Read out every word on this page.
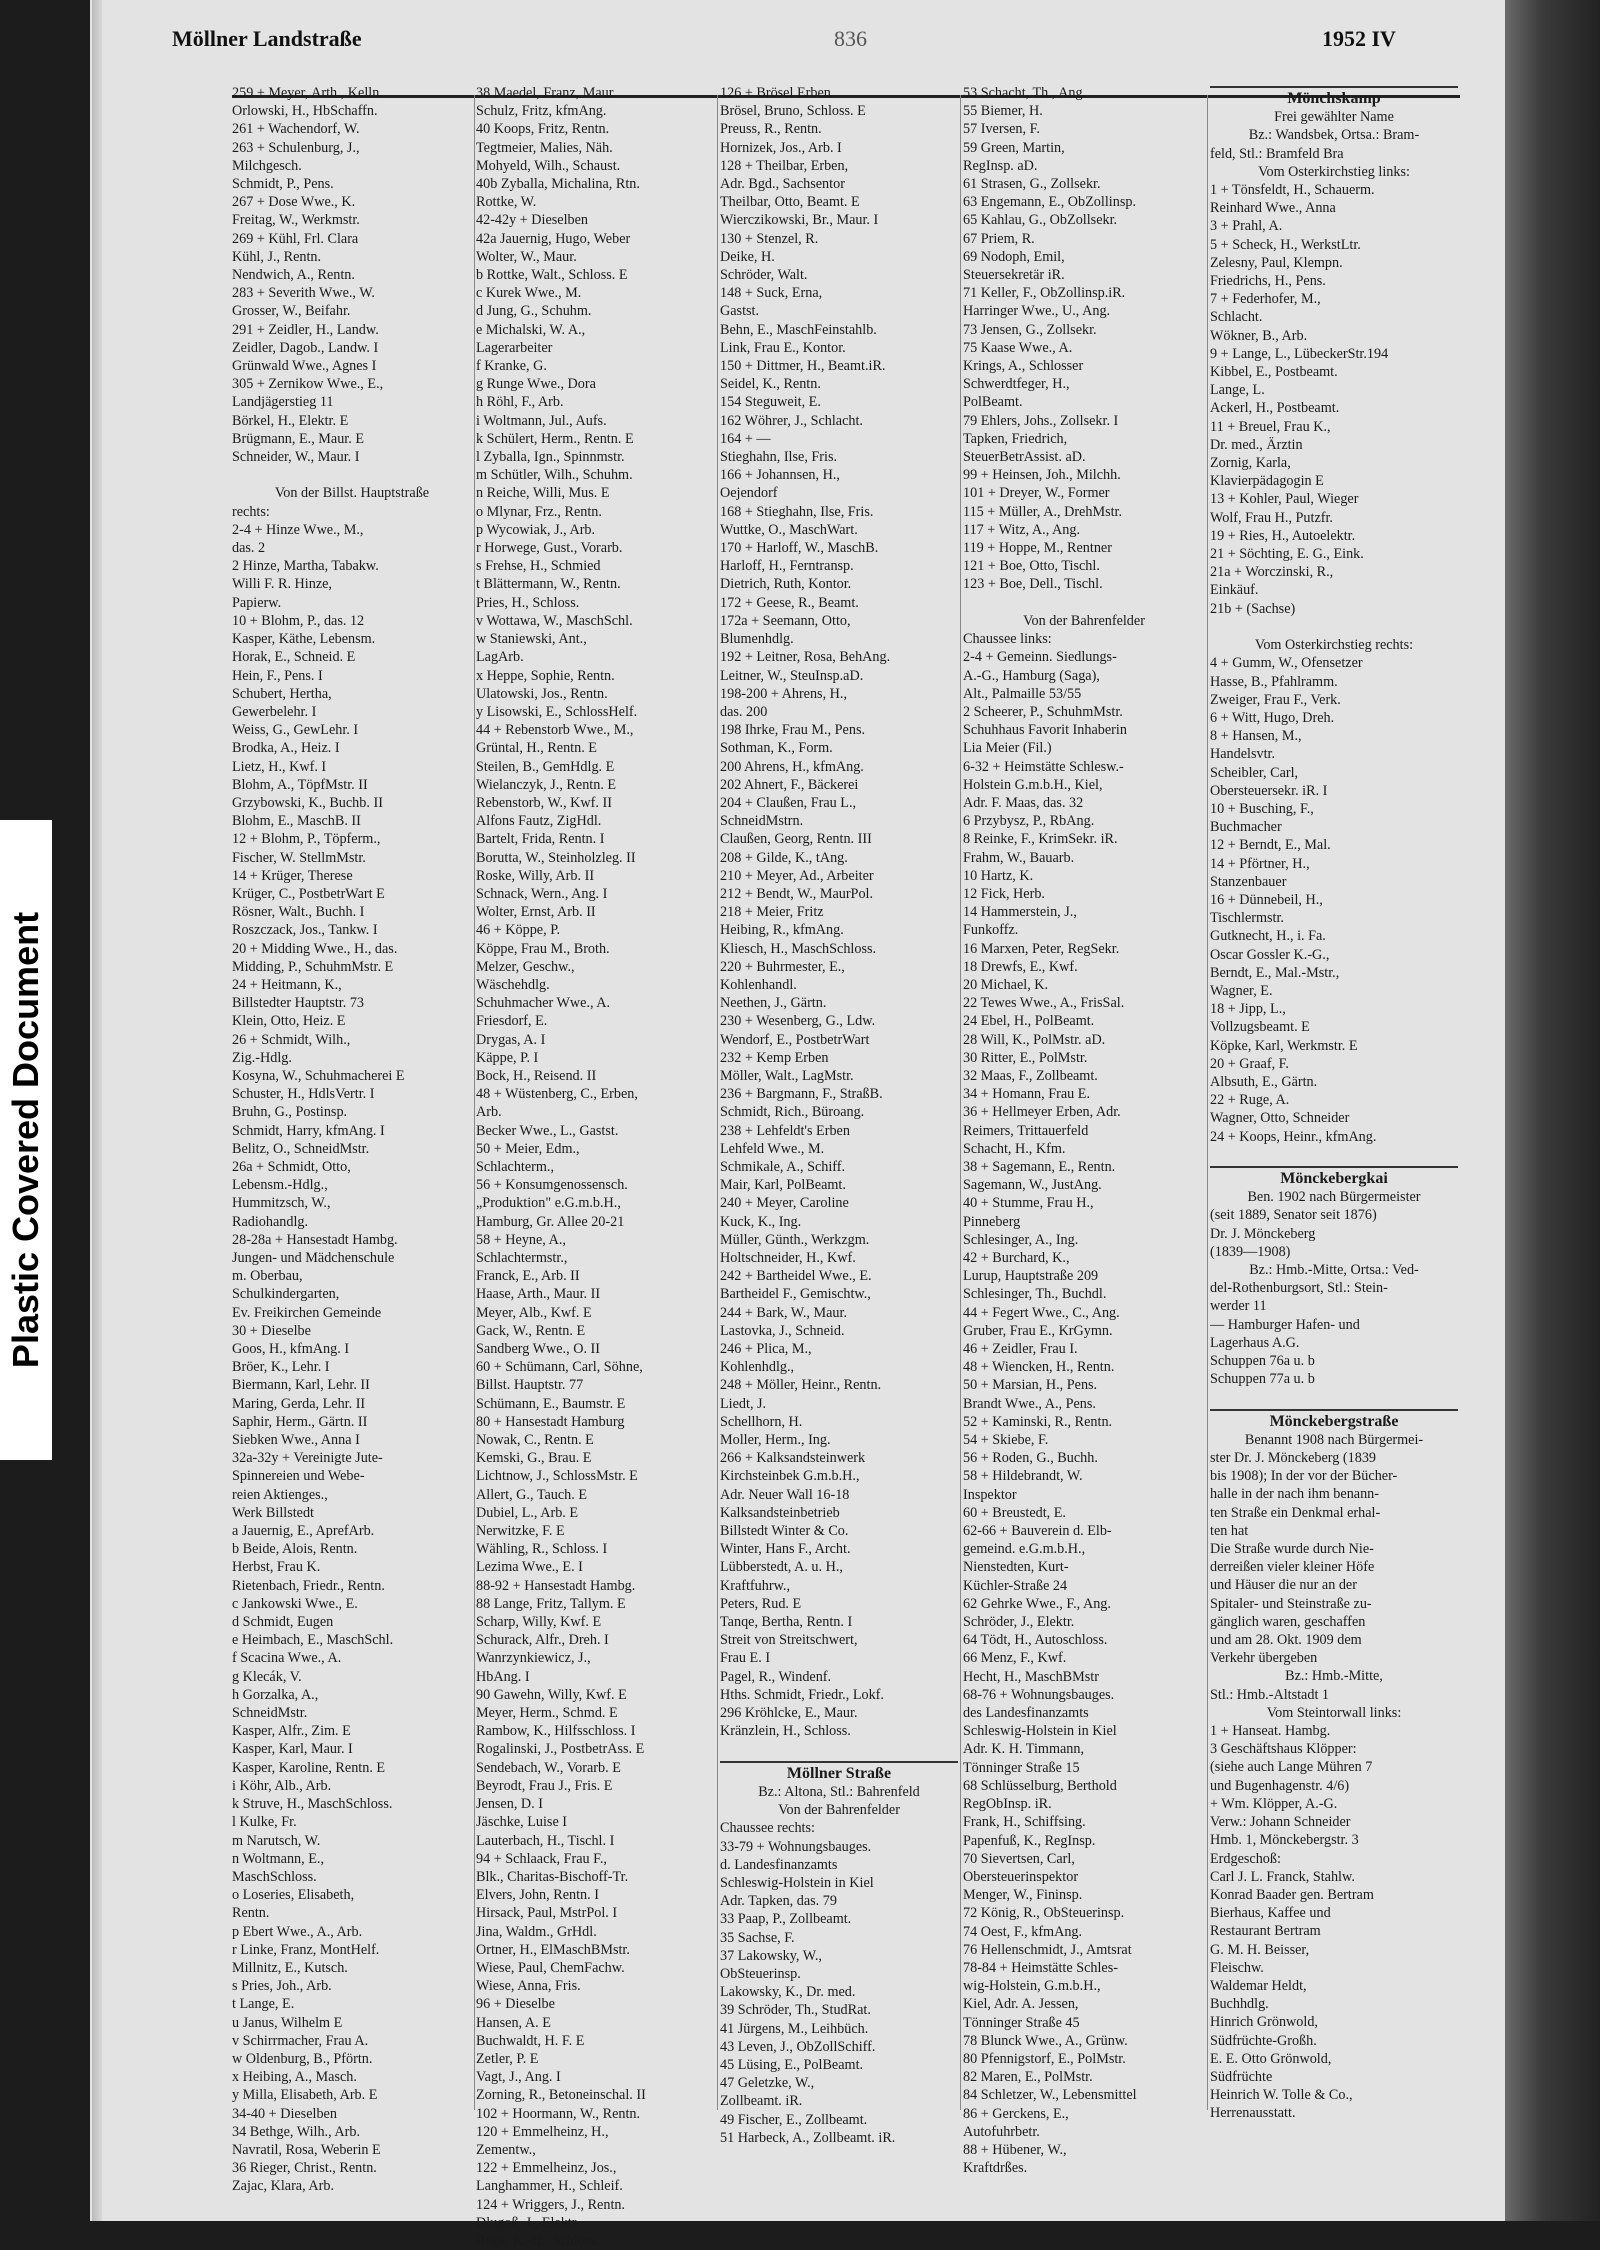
Plastic Covered Document
Möllner Landstraße	836	1952 IV
259 + Meyer, Arth., Kelln.
Orlowski, H., HbSchaffn.
261 + Wachendorf, W.
263 + Schulenburg, J.,
Milchgesch.
Schmidt, P., Pens.
267 + Dose Wwe., K.
Freitag, W., Werkmstr.
269 + Kühl, Frl. Clara
Kühl, J., Rentn.
Nendwich, A., Rentn.
283 + Severith Wwe., W.
Grosser, W., Beifahr.
291 + Zeidler, H., Landw.
Zeidler, Dagob., Landw. I
Grünwald Wwe., Agnes I
305 + Zernikow Wwe., E.,
Landjägerstieg 11
Börkel, H., Elektr. E
Brügmann, E., Maur. E
Schneider, W., Maur. I

Von der Billst. Hauptstraße
rechts:
2-4 + Hinze Wwe., M.,
das. 2
2 Hinze, Martha, Tabakw.
Willi F. R. Hinze,
Papierw.
10 + Blohm, P., das. 12
Kasper, Käthe, Lebensm.
Horak, E., Schneid. E
Hein, F., Pens. I
Schubert, Hertha,
Gewerbelehr. I
Weiss, G., GewLehr. I
Brodka, A., Heiz. I
Lietz, H., Kwf. I
Blohm, A., TöpfMstr. II
Grzybowski, K., Buchb. II
Blohm, E., MaschB. II
12 + Blohm, P., Töpferm.,
Fischer, W. StellmMstr.
14 + Krüger, Therese
Krüger, C., PostbetrWart E
Rösner, Walt., Buchh. I
Roszczack, Jos., Tankw. I
20 + Midding Wwe., H., das.
Midding, P., SchuhmMstr. E
24 + Heitmann, K.,
Billstedter Hauptstr. 73
Klein, Otto, Heiz. E
26 + Schmidt, Wilh.,
Zig.-Hdlg.
Kosyna, W., Schuhmacherei E
Schuster, H., HdlsVertr. I
Bruhn, G., Postinsp.
Schmidt, Harry, kfmAng. I
Belitz, O., SchneidMstr.
26a + Schmidt, Otto,
Lebensm.-Hdlg.,
Hummitzsch, W.,
Radiohandlg.
28-28a + Hansestadt Hambg.
Jungen- und Mädchenschule
m. Oberbau,
Schulkindergarten,
Ev. Freikirchen Gemeinde
30 + Dieselbe
Goos, H., kfmAng. I
Bröer, K., Lehr. I
Biermann, Karl, Lehr. II
Maring, Gerda, Lehr. II
Saphir, Herm., Gärtn. II
Siebken Wwe., Anna I
32a-32y + Vereinigte Jute-
Spinnereien und Webe-
reien Aktienges.,
Werk Billstedt
a Jauernig, E., AprefArb.
b Beide, Alois, Rentn.
Herbst, Frau K.
Rietenbach, Friedr., Rentn.
c Jankowski Wwe., E.
d Schmidt, Eugen
e Heimbach, E., MaschSchl.
f Scacina Wwe., A.
g Klecák, V.
h Gorzalka, A.,
SchneidMstr.
Kasper, Alfr., Zim. E
Kasper, Karl, Maur. I
Kasper, Karoline, Rentn. E
i Köhr, Alb., Arb.
k Struve, H., MaschSchloss.
l Kulke, Fr.
m Narutsch, W.
n Woltmann, E.,
MaschSchloss.
o Loseries, Elisabeth,
Rentn.
p Ebert Wwe., A., Arb.
r Linke, Franz, MontHelf.
Millnitz, E., Kutsch.
s Pries, Joh., Arb.
t Lange, E.
u Janus, Wilhelm E
v Schirrmacher, Frau A.
w Oldenburg, B., Pförtn.
x Heibing, A., Masch.
y Milla, Elisabeth, Arb. E
34-40 + Dieselben
34 Bethge, Wilh., Arb.
Navratil, Rosa, Weberin E
36 Rieger, Christ., Rentn.
Zajac, Klara, Arb.
38 Maedel, Franz, Maur.
Schulz, Fritz, kfmAng.
40 Koops, Fritz, Rentn.
Tegtmeier, Malies, Näh.
Mohyeld, Wilh., Schaust.
40b Zyballa, Michalina, Rtn.
Rottke, W.
42-42y + Dieselben
42a Jauernig, Hugo, Weber
Wolter, W., Maur.
b Rottke, Walt., Schloss. E
c Kurek Wwe., M.
d Jung, G., Schuhm.
e Michalski, W. A.,
Lagerarbeiter
f Kranke, G.
g Runge Wwe., Dora
h Röhl, F., Arb.
i Woltmann, Jul., Aufs.
k Schülert, Herm., Rentn. E
l Zyballa, Ign., Spinnmstr.
m Schütler, Wilh., Schuhm.
n Reiche, Willi, Mus. E
o Mlynar, Frz., Rentn.
p Wycowiak, J., Arb.
r Horwege, Gust., Vorarb.
s Frehse, H., Schmied
t Blättermann, W., Rentn.
Pries, H., Schloss.
v Wottawa, W., MaschSchl.
w Staniewski, Ant.,
LagArb.
x Heppe, Sophie, Rentn.
Ulatowski, Jos., Rentn.
y Lisowski, E., SchlossHelf.
44 + Rebenstorb Wwe., M.,
Grüntal, H., Rentn. E
Steilen, B., GemHdlg. E
Wielanczyk, J., Rentn. E
Rebenstorb, W., Kwf. II
Alfons Fautz, ZigHdl.
Bartelt, Frida, Rentn. I
Borutta, W., Steinholzleg. II
Roske, Willy, Arb. II
Schnack, Wern., Ang. I
Wolter, Ernst, Arb. II
46 + Köppe, P.
Köppe, Frau M., Broth.
Melzer, Geschw.,
Wäschehdlg.
Schuhmacher Wwe., A.
Friesdorf, E.
Drygas, A. I
Käppe, P. I
Bock, H., Reisend. II
48 + Wüstenberg, C., Erben,
Arb.
Becker Wwe., L., Gastst.
50 + Meier, Edm.,
Schlachterm.,
56 + Konsumgenossensch.
„Produktion" e.G.m.b.H.,
Hamburg, Gr. Allee 20-21
58 + Heyne, A.,
Schlachtermstr.,
Franck, E., Arb. II
Haase, Arth., Maur. II
Meyer, Alb., Kwf. E
Gack, W., Rentn. E
Sandberg Wwe., O. II
60 + Schümann, Carl, Söhne,
Billst. Hauptstr. 77
Schümann, E., Baumstr. E
80 + Hansestadt Hamburg
Nowak, C., Rentn. E
Kemski, G., Brau. E
Lichtnow, J., SchlossMstr. E
Allert, G., Tauch. E
Dubiel, L., Arb. E
Nerwitzke, F. E
Wähling, R., Schloss. I
Lezima Wwe., E. I
88-92 + Hansestadt Hambg.
88 Lange, Fritz, Tallym. E
Scharp, Willy, Kwf. E
Schurack, Alfr., Dreh. I
Wanrzynkiewicz, J.,
HbAng. I
90 Gawehn, Willy, Kwf. E
Meyer, Herm., Schmd. E
Rambow, K., Hilfsschloss. I
Rogalinski, J., PostbetrAss. E
Sendebach, W., Vorarb. E
Beyrodt, Frau J., Fris. E
Jensen, D. I
Jäschke, Luise I
Lauterbach, H., Tischl. I
94 + Schlaack, Frau F.,
Blk., Charitas-Bischoff-Tr.
Elvers, John, Rentn. I
Hirsack, Paul, MstrPol. I
Jina, Waldm., GrHdl.
Ortner, H., ElMaschBMstr.
Wiese, Paul, ChemFachw.
Wiese, Anna, Fris.
96 + Dieselbe
Hansen, A. E
Buchwaldt, H. F. E
Zetler, P. E
Vagt, J., Ang. I
Zorning, R., Betoneinschal. II
102 + Hoormann, W., Rentn.
120 + Emmelheinz, H.,
Zementw.,
122 + Emmelheinz, Jos.,
Langhammer, H., Schleif.
124 + Wriggers, J., Rentn.
Dlugoß, J., Elektr.
Ruge, K.-H., Schloss.
126 + Brösel Erben
Brösel, Bruno, Schloss. E
Preuss, R., Rentn.
Hornizek, Jos., Arb. I
128 + Theilbar, Erben,
Adr. Bgd., Sachsentor
Theilbar, Otto, Beamt. E
Wierczikowski, Br., Maur. I
130 + Stenzel, R.
Deike, H.
Schröder, Walt.
148 + Suck, Erna,
Gastst.
Behn, E., MaschFeinstahlb.
Link, Frau E., Kontor.
150 + Dittmer, H., Beamt.iR.
Seidel, K., Rentn.
154 Steguweit, E.
162 Wöhrer, J., Schlacht.
164 + —
Stieghahn, Ilse, Fris.
166 + Johannsen, H.,
Oejendorf
168 + Stieghahn, Ilse, Fris.
Wuttke, O., MaschWart.
170 + Harloff, W., MaschB.
Harloff, H., Ferntransp.
Dietrich, Ruth, Kontor.
172 + Geese, R., Beamt.
172a + Seemann, Otto,
Blumenhdlg.
192 + Leitner, Rosa, BehAng.
Leitner, W., SteuInsp.aD.
198-200 + Ahrens, H.,
das. 200
198 Ihrke, Frau M., Pens.
Sothman, K., Form.
200 Ahrens, H., kfmAng.
202 Ahnert, F., Bäckerei
204 + Claußen, Frau L.,
SchneidMstrn.
Claußen, Georg, Rentn. III
208 + Gilde, K., tAng.
210 + Meyer, Ad., Arbeiter
212 + Bendt, W., MaurPol.
218 + Meier, Fritz
Heibing, R., kfmAng.
Kliesch, H., MaschSchloss.
220 + Buhrmester, E.,
Kohlenhandl.
Neethen, J., Gärtn.
230 + Wesenberg, G., Ldw.
Wendorf, E., PostbetrWart
232 + Kemp Erben
Möller, Walt., LagMstr.
236 + Bargmann, F., StraßB.
Schmidt, Rich., Büroang.
238 + Lehfeldt's Erben
Lehfeld Wwe., M.
Schmikale, A., Schiff.
Mair, Karl, PolBeamt.
240 + Meyer, Caroline
Kuck, K., Ing.
Müller, Günth., Werkzgm.
Holtschneider, H., Kwf.
242 + Bartheidel Wwe., E.
Bartheidel F., Gemischtw.,
244 + Bark, W., Maur.
Lastovka, J., Schneid.
246 + Plica, M.,
Kohlenhdlg.,
248 + Möller, Heinr., Rentn.
Liedt, J.
Schellhorn, H.
Moller, Herm., Ing.
266 + Kalksandsteinwerk
Kirchsteinbek G.m.b.H.,
Adr. Neuer Wall 16-18
Kalksandsteinbetrieb
Billstedt Winter & Co.
Winter, Hans F., Archt.
Lübberstedt, A. u. H.,
Kraftfuhrw.,
Peters, Rud. E
Tanqe, Bertha, Rentn. I
Streit von Streitschwert,
Frau E. I
Pagel, R., Windenf.
Hths. Schmidt, Friedr., Lokf.
296 Kröhlcke, E., Maur.
Kränzlein, H., Schloss.

Möllner Straße
Bz.: Altona, Stl.: Bahrenfeld
Von der Bahrenfelder
Chaussee rechts:
33-79 + Wohnungsbauges.
d. Landesfinanzamts
Schleswig-Holstein in Kiel
Adr. Tapken, das. 79
33 Paap, P., Zollbeamt.
35 Sachse, F.
37 Lakowsky, W.,
ObSteuerinsp.
Lakowsky, K., Dr. med.
39 Schröder, Th., StudRat.
41 Jürgens, M., Leihbüch.
43 Leven, J., ObZollSchiff.
45 Lüsing, E., PolBeamt.
47 Geletzke, W.,
Zollbeamt. iR.
49 Fischer, E., Zollbeamt.
51 Harbeck, A., Zollbeamt. iR.
53 Schacht, Th., Ang.
55 Biemer, H.
57 Iversen, F.
59 Green, Martin,
RegInsp. aD.
61 Strasen, G., Zollsekr.
63 Engemann, E., ObZollinsp.
65 Kahlau, G., ObZollsekr.
67 Priem, R.
69 Nodoph, Emil,
Steuersekretär iR.
71 Keller, F., ObZollinsp.iR.
Harringer Wwe., U., Ang.
73 Jensen, G., Zollsekr.
75 Kaase Wwe., A.
Krings, A., Schlosser
Schwerdtfeger, H.,
PolBeamt.
79 Ehlers, Johs., Zollsekr. I
Tapken, Friedrich,
SteuerBetrAssist. aD.
99 + Heinsen, Joh., Milchh.
101 + Dreyer, W., Former
115 + Müller, A., DrehMstr.
117 + Witz, A., Ang.
119 + Hoppe, M., Rentner
121 + Boe, Otto, Tischl.
123 + Boe, Dell., Tischl.

Von der Bahrenfelder
Chaussee links:
2-4 + Gemeinn. Siedlungs-
A.-G., Hamburg (Saga),
Alt., Palmaille 53/55
2 Scheerer, P., SchuhmMstr.
Schuhhaus Favorit Inhaberin
Lia Meier (Fil.)
6-32 + Heimstätte Schlesw.-
Holstein G.m.b.H., Kiel,
Adr. F. Maas, das. 32
6 Przybysz, P., RbAng.
8 Reinke, F., KrimSekr. iR.
Frahm, W., Bauarb.
10 Hartz, K.
12 Fick, Herb.
14 Hammerstein, J.,
Funkoffz.
16 Marxen, Peter, RegSekr.
18 Drewfs, E., Kwf.
20 Michael, K.
22 Tewes Wwe., A., FrisSal.
24 Ebel, H., PolBeamt.
28 Will, K., PolMstr. aD.
30 Ritter, E., PolMstr.
32 Maas, F., Zollbeamt.
34 + Homann, Frau E.
36 + Hellmeyer Erben, Adr.
Reimers, Trittauerfeld
Schacht, H., Kfm.
38 + Sagemann, E., Rentn.
Sagemann, W., JustAng.
40 + Stumme, Frau H.,
Pinneberg
Schlesinger, A., Ing.
42 + Burchard, K.,
Lurup, Hauptstraße 209
Schlesinger, Th., Buchdl.
44 + Fegert Wwe., C., Ang.
Gruber, Frau E., KrGymn.
46 + Zeidler, Frau I.
48 + Wiencken, H., Rentn.
50 + Marsian, H., Pens.
Brandt Wwe., A., Pens.
52 + Kaminski, R., Rentn.
54 + Skiebe, F.
56 + Roden, G., Buchh.
58 + Hildebrandt, W.
Inspektor
60 + Breustedt, E.
62-66 + Bauverein d. Elb-
gemeind. e.G.m.b.H.,
Nienstedten, Kurt-
Küchler-Straße 24
62 Gehrke Wwe., F., Ang.
Schröder, J., Elektr.
64 Tödt, H., Autoschloss.
66 Menz, F., Kwf.
Hecht, H., MaschBMstr
68-76 + Wohnungsbauges.
des Landesfinanzamts
Schleswig-Holstein in Kiel
Adr. K. H. Timmann,
Tönninger Straße 15
68 Schlüsselburg, Berthold
RegObInsp. iR.
Frank, H., Schiffsing.
Papenfuß, K., RegInsp.
70 Sievertsen, Carl,
Obersteuerinspektor
Menger, W., Fininsp.
72 König, R., ObSteuerinsp.
74 Oest, F., kfmAng.
76 Hellenschmidt, J., Amtsrat
78-84 + Heimstätte Schles-
wig-Holstein, G.m.b.H.,
Kiel, Adr. A. Jessen,
Tönninger Straße 45
78 Blunck Wwe., A., Grünw.
80 Pfennigstorf, E., PolMstr.
82 Maren, E., PolMstr.
84 Schletzer, W., Lebensmittel
86 + Gerckens, E.,
Autofuhrbetr.
88 + Hübener, W.,
Kraftdrßes.
Mönchskamp
Frei gewählter Name
Bz.: Wandsbek, Ortsa.: Bram-
feld, Stl.: Bramfeld Bra
Vom Osterkirchstieg links:
1 + Tönsfeldt, H., Schauerm.
Reinhard Wwe., Anna
3 + Prahl, A.
5 + Scheck, H., WerkstLtr.
Zelesny, Paul, Klempn.
Friedrichs, H., Pens.
7 + Federhofer, M.,
Schlacht.
Wökner, B., Arb.
9 + Lange, L., LübeckerStr.194
Kibbel, E., Postbeamt.
Lange, L.
Ackerl, H., Postbeamt.
11 + Breuel, Frau K.,
Dr. med., Ärztin
Zornig, Karla,
Klavierpädagogin E
13 + Kohler, Paul, Wieger
Wolf, Frau H., Putzfr.
19 + Ries, H., Autoelektr.
21 + Söchting, E. G., Eink.
21a + Worczinski, R.,
Einkäuf.
21b + (Sachse)

Vom Osterkirchstieg rechts:
4 + Gumm, W., Ofensetzer
Hasse, B., Pfahlramm.
Zweiger, Frau F., Verk.
6 + Witt, Hugo, Dreh.
8 + Hansen, M.,
Handelsvtr.
Scheibler, Carl,
Obersteuersekr. iR. I
10 + Busching, F.,
Buchmacher
12 + Berndt, E., Mal.
14 + Pförtner, H.,
Stanzenbauer
16 + Dünnebeil, H.,
Tischlermstr.
Gutknecht, H., i. Fa.
Oscar Gossler K.-G.,
Berndt, E., Mal.-Mstr.,
Wagner, E.
18 + Jipp, L.,
Vollzugsbeamt. E
Köpke, Karl, Werkmstr. E
20 + Graaf, F.
Albsuth, E., Gärtn.
22 + Ruge, A.
Wagner, Otto, Schneider
24 + Koops, Heinr., kfmAng.

Mönckebergkai
Ben. 1902 nach Bürgermeister
(seit 1889, Senator seit 1876)
Dr. J. Mönckeberg
(1839—1908)
Bz.: Hmb.-Mitte, Ortsa.: Ved-
del-Rothenburgsort, Stl.: Stein-
werder 11
— Hamburger Hafen- und
Lagerhaus A.G.
Schuppen 76a u. b
Schuppen 77a u. b

Mönckebergstraße
Benannt 1908 nach Bürgermei-
ster Dr. J. Mönckeberg (1839
bis 1908); In der vor der Bücher-
halle in der nach ihm benann-
ten Straße ein Denkmal erhal-
ten hat
Die Straße wurde durch Nie-
derreißen vieler kleiner Höfe
und Häuser die nur an der
Spitaler- und Steinstraße zu-
gänglich waren, geschaffen
und am 28. Okt. 1909 dem
Verkehr übergeben
Bz.: Hmb.-Mitte,
Stl.: Hmb.-Altstadt 1
Vom Steintorwall links:
1 + Hanseat. Hambg.
3 Geschäftshaus Klöpper:
(siehe auch Lange Mühren 7
und Bugenhagenstr. 4/6)
+ Wm. Klöpper, A.-G.
Verw.: Johann Schneider
Hmb. 1, Mönckebergstr. 3
Erdgeschoß:
Carl J. L. Franck, Stahlw.
Konrad Baader gen. Bertram
Bierhaus, Kaffee und
Restaurant Bertram
G. M. H. Beisser,
Fleischw.
Waldemar Heldt,
Buchhdlg.
Hinrich Grönwold,
Südfrüchte-Großh.
E. E. Otto Grönwold,
Südfrüchte
Heinrich W. Tolle & Co.,
Herrenausstatt.
